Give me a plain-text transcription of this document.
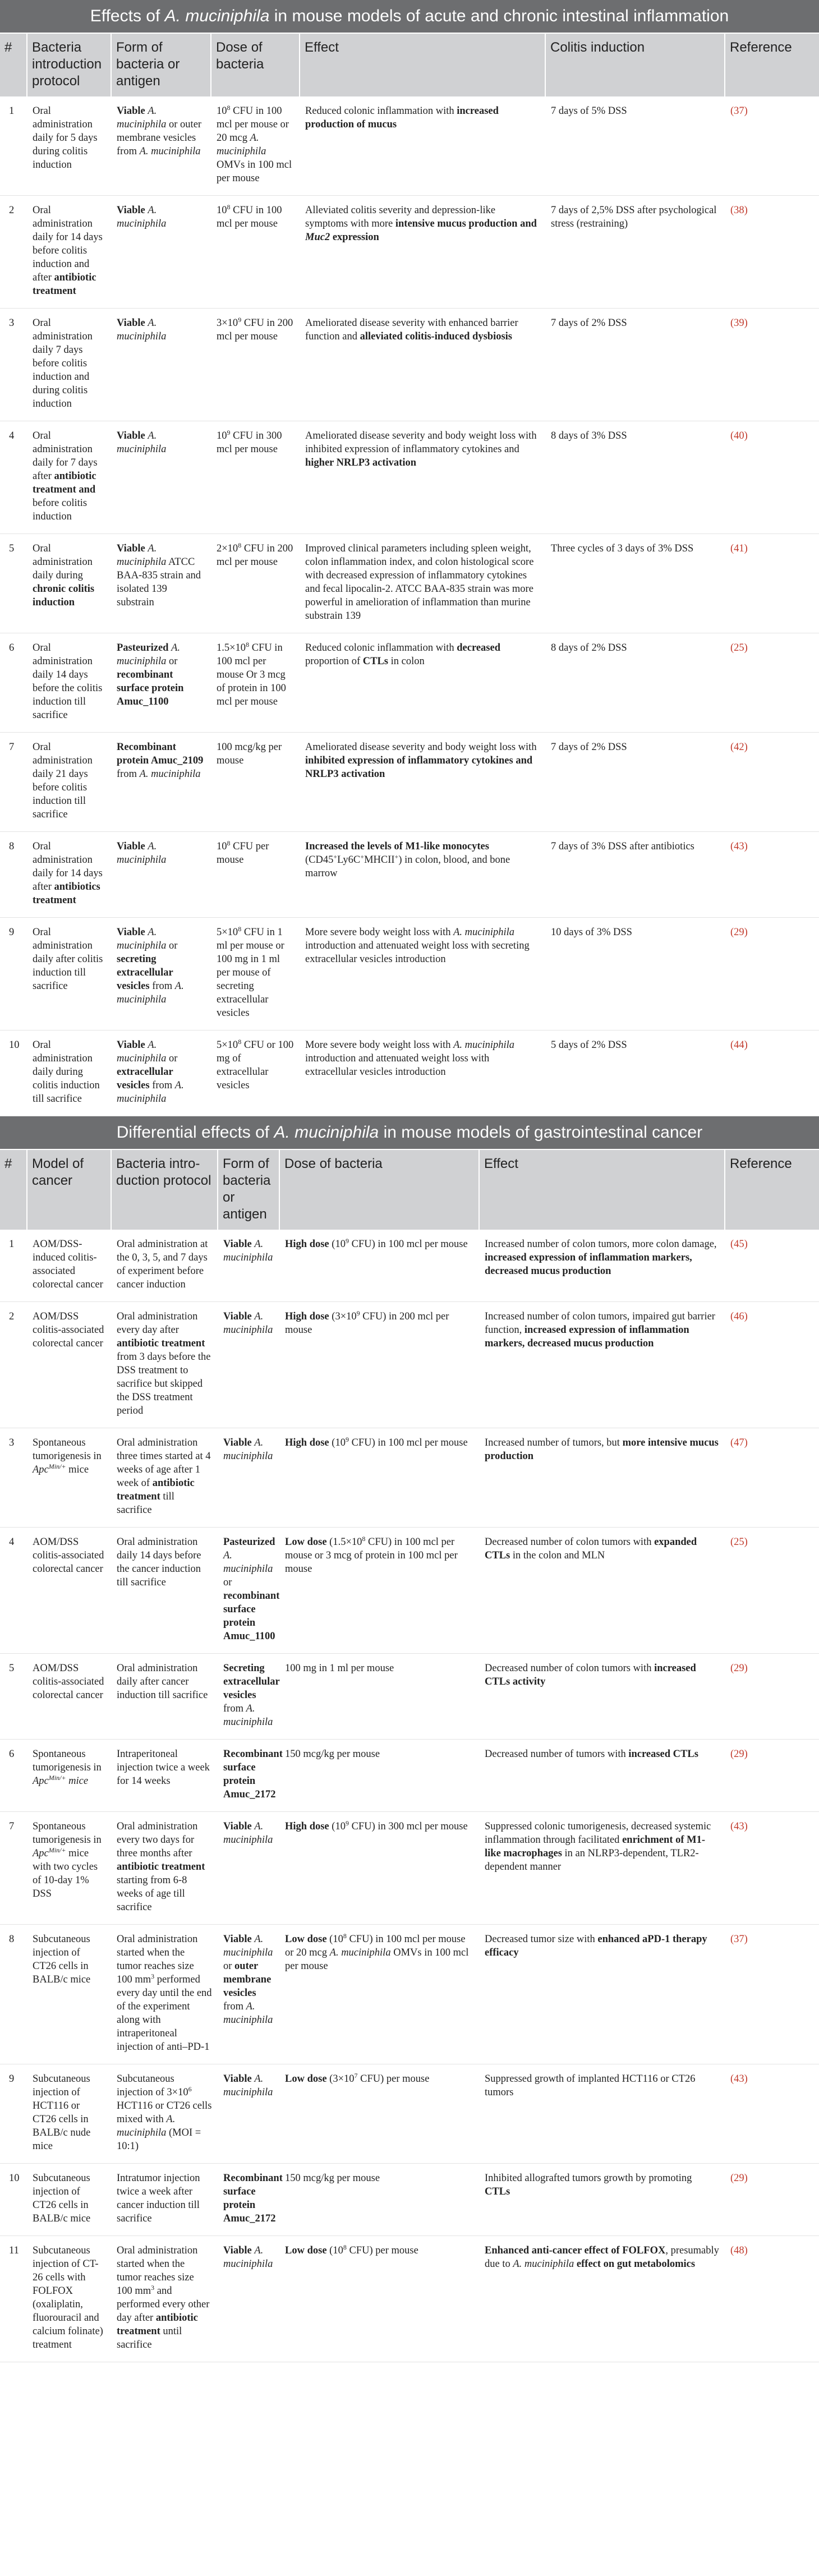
Effects of A. muciniphila in mouse models of acute and chronic intestinal inflammation
#	Bacteria introduction protocol	Form of bacteria or antigen	Dose of bacteria	Effect	Colitis induction	Reference
1	Oral administration daily for 5 days during colitis induction	Viable A. muciniphila or outer membrane vesicles from A. muciniphila	$10^8$ CFU in 100 mcl per mouse or 20 mcg A. muciniphila OMVs in 100 mcl per mouse	Reduced colonic inflammation with increased production of mucus	7 days of 5% DSS	(37)
2	Oral administration daily for 14 days before colitis induction and after antibiotic treatment	Viable A. muciniphila	$10^8$ CFU in 100 mcl per mouse	Alleviated colitis severity and depression-like symptoms with more intensive mucus production and Muc2 expression	7 days of 2,5% DSS after psychological stress (restraining)	(38)
3	Oral administration daily 7 days before colitis induction and during colitis induction	Viable A. muciniphila	$3\times 10^9$ CFU in 200 mcl per mouse	Ameliorated disease severity with enhanced barrier function and alleviated colitis-induced dysbiosis	7 days of 2% DSS	(39)
4	Oral administration daily for 7 days after antibiotic treatment and before colitis induction	Viable A. muciniphila	$10^9$ CFU in 300 mcl per mouse	Ameliorated disease severity and body weight loss with inhibited expression of inflammatory cytokines and higher NRLP3 activation	8 days of 3% DSS	(40)
5	Oral administration daily during chronic colitis induction	Viable A. muciniphila ATCC BAA-835 strain and isolated 139 substrain	$2\times 10^8$ CFU in 200 mcl per mouse	Improved clinical parameters including spleen weight, colon inflammation index, and colon histological score with decreased expression of inflammatory cytokines and fecal lipocalin-2. ATCC BAA-835 strain was more powerful in amelioration of inflammation than murine substrain 139	Three cycles of 3 days of 3% DSS	(41)
6	Oral administration daily 14 days before the colitis induction till sacrifice	Pasteurized A. muciniphila or recombinant surface protein Amuc_1100	$1.5\times 10^8$ CFU in 100 mcl per mouse Or 3 mcg of protein in 100 mcl per mouse	Reduced colonic inflammation with decreased proportion of CTLs in colon	8 days of 2% DSS	(25)
7	Oral administration daily 21 days before colitis induction till sacrifice	Recombinant protein Amuc_2109 from A. muciniphila	100 mcg/kg per mouse	Ameliorated disease severity and body weight loss with inhibited expression of inflammatory cytokines and NRLP3 activation	7 days of 2% DSS	(42)
8	Oral administration daily for 14 days after antibiotics treatment	Viable A. muciniphila	$10^8$ CFU per mouse	Increased the levels of M1-like monocytes (CD45+Ly6C+MHCII+) in colon, blood, and bone marrow	7 days of 3% DSS after antibiotics	(43)
9	Oral administration daily after colitis induction till sacrifice	Viable A. muciniphila or secreting extracellular vesicles from A. muciniphila	$5\times 10^8$ CFU in 1 ml per mouse or 100 mg in 1 ml per mouse of secreting extracellular vesicles	More severe body weight loss with A. muciniphila introduction and attenuated weight loss with secreting extracellular vesicles introduction	10 days of 3% DSS	(29)
10	Oral administration daily during colitis induction till sacrifice	Viable A. muciniphila or extracellular vesicles from A. muciniphila	$5\times 10^8$ CFU or 100 mg of extracellular vesicles	More severe body weight loss with A. muciniphila introduction and attenuated weight loss with extracellular vesicles introduction	5 days of 2% DSS	(44)
Differential effects of A. muciniphila in mouse models of gastrointestinal cancer
#	Model of cancer	Bacteria intro-duction protocol	Form of bacteria or antigen	Dose of bacteria	Effect	Reference
1	AOM/DSS-induced colitis-associated colorectal cancer	Oral administration at the 0, 3, 5, and 7 days of experiment before cancer induction	Viable A. muciniphila	High dose ($10^9$ CFU) in 100 mcl per mouse	Increased number of colon tumors, more colon damage, increased expression of inflammation markers, decreased mucus production	(45)
2	AOM/DSS colitis-associated colorectal cancer	Oral administration every day after antibiotic treatment from 3 days before the DSS treatment to sacrifice but skipped the DSS treatment period	Viable A. muciniphila	High dose ($3\times 10^9$ CFU) in 200 mcl per mouse	Increased number of colon tumors, impaired gut barrier function, increased expression of inflammation markers, decreased mucus production	(46)
3	Spontaneous tumorigenesis in Apc$^{Min/+}$ mice	Oral administration three times started at 4 weeks of age after 1 week of antibiotic treatment till sacrifice	Viable A. muciniphila	High dose ($10^9$ CFU) in 100 mcl per mouse	Increased number of tumors, but more intensive mucus production	(47)
4	AOM/DSS colitis-associated colorectal cancer	Oral administration daily 14 days before the cancer induction till sacrifice	Pasteurized A. muciniphila or recombinant surface protein Amuc_1100	Low dose ($1.5\times 10^8$ CFU) in 100 mcl per mouse or 3 mcg of protein in 100 mcl per mouse	Decreased number of colon tumors with expanded CTLs in the colon and MLN	(25)
5	AOM/DSS colitis-associated colorectal cancer	Oral administration daily after cancer induction till sacrifice	Secreting extracellular vesicles from A. muciniphila	100 mg in 1 ml per mouse	Decreased number of colon tumors with increased CTLs activity	(29)
6	Spontaneous tumorigenesis in Apc$^{Min/+}$ mice	Intraperitoneal injection twice a week for 14 weeks	Recombinant surface protein Amuc_2172	150 mcg/kg per mouse	Decreased number of tumors with increased CTLs	(29)
7	Spontaneous tumorigenesis in Apc$^{Min/+}$ mice with two cycles of 10-day 1% DSS	Oral administration every two days for three months after antibiotic treatment starting from 6-8 weeks of age till sacrifice	Viable A. muciniphila	High dose ($10^9$ CFU) in 300 mcl per mouse	Suppressed colonic tumorigenesis, decreased systemic inflammation through facilitated enrichment of M1-like macrophages in an NLRP3-dependent, TLR2-dependent manner	(43)
8	Subcutaneous injection of CT26 cells in BALB/c mice	Oral administration started when the tumor reaches size 100 $mm^3$ performed every day until the end of the experiment along with intraperitoneal injection of anti–PD-1	Viable A. muciniphila or outer membrane vesicles from A. muciniphila	Low dose ($10^8$ CFU) in 100 mcl per mouse or 20 mcg A. muciniphila OMVs in 100 mcl per mouse	Decreased tumor size with enhanced aPD-1 therapy efficacy	(37)
9	Subcutaneous injection of HCT116 or CT26 cells in BALB/c nude mice	Subcutaneous injection of $3\times 10^6$ HCT116 or CT26 cells mixed with A. muciniphila (MOI = 10:1)	Viable A. muciniphila	Low dose ($3\times 10^7$ CFU) per mouse	Suppressed growth of implanted HCT116 or CT26 tumors	(43)
10	Subcutaneous injection of CT26 cells in BALB/c mice	Intratumor injection twice a week after cancer induction till sacrifice	Recombinant surface protein Amuc_2172	150 mcg/kg per mouse	Inhibited allografted tumors growth by promoting CTLs	(29)
11	Subcutaneous injection of CT-26 cells with FOLFOX (oxaliplatin, fluorouracil and calcium folinate) treatment	Oral administration started when the tumor reaches size 100 $mm^3$ and performed every other day after antibiotic treatment until sacrifice	Viable A. muciniphila	Low dose ($10^8$ CFU) per mouse	Enhanced anti-cancer effect of FOLFOX, presumably due to A. muciniphila effect on gut metabolomics	(48)
